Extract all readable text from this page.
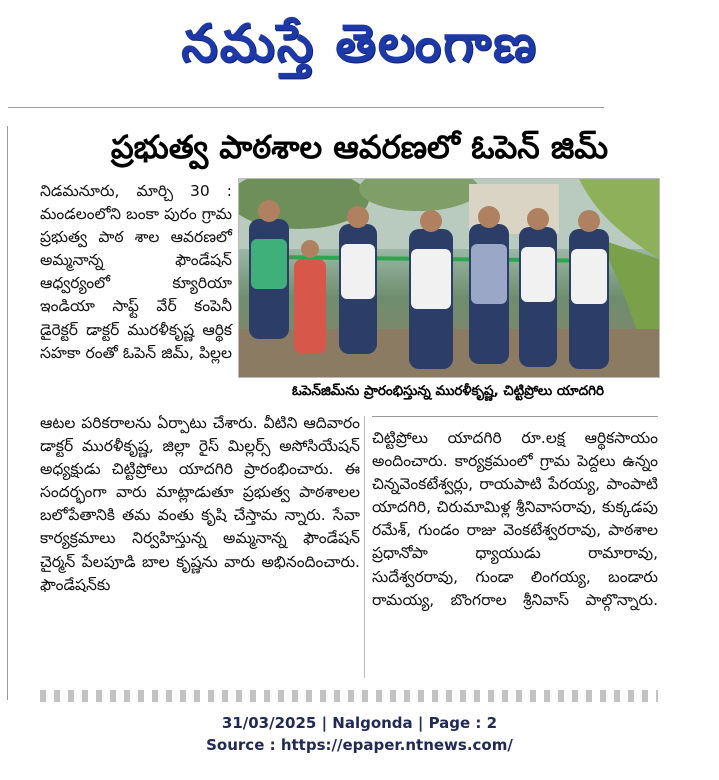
నమస్తే తెలంగాణ
ప్రభుత్వ పాఠశాల ఆవరణలో ఓపెన్ జిమ్

నిడమనూరు, మార్చి 30 : మండలంలోని బంకా పురం గ్రామ ప్రభుత్వ పాఠ శాల ఆవరణలో అమ్మనాన్న ఫౌండేషన్ ఆధ్వర్యంలో క్యూరియా ఇండియా సాఫ్ట్ వేర్ కంపెనీ డైరెక్టర్ డాక్టర్ మురళీకృష్ణ ఆర్థిక సహకా రంతో ఓపెన్ జిమ్, పిల్లల

ఓపెన్‌జిమ్‌ను ప్రారంభిస్తున్న మురళీకృష్ణ, చిట్టిప్రోలు యాదగిరి

ఆటల పరికరాలను ఏర్పాటు చేశారు. వీటిని ఆదివారం డాక్టర్ మురళీకృష్ణ, జిల్లా రైస్ మిల్లర్స్ అసోసియేషన్ అధ్యక్షుడు చిట్టిప్రోలు యాదగిరి ప్రారంభించారు. ఈ సందర్భంగా వారు మాట్లాడుతూ ప్రభుత్వ పాఠశాలల బలోపేతానికి తమ వంతు కృషి చేస్తామ న్నారు. సేవా కార్యక్రమాలు నిర్వహిస్తున్న అమ్మనాన్న ఫౌండేషన్ చైర్మన్ పేలపూడి బాల కృష్ణను వారు అభినందించారు. ఫౌండేషన్‌కు

చిట్టిప్రోలు యాదగిరి రూ.లక్ష ఆర్థికసాయం అందించారు. కార్యక్రమంలో గ్రామ పెద్దలు ఉన్నం చిన్నవెంకటేశ్వర్లు, రాయపాటి పేరయ్య, పాంపాటి యాదగిరి, చిరుమామిళ్ల శ్రీనివాసరావు, కుక్కడపు రమేశ్, గుండం రాజు వెంకటేశ్వరరావు, పాఠశాల ప్రధానోపా ధ్యాయుడు రామారావు, సుదేశ్వరరావు, గుండా లింగయ్య, బండారు రామయ్య, బొంగరాల శ్రీనివాస్ పాల్గొన్నారు.

31/03/2025 | Nalgonda | Page : 2
Source : https://epaper.ntnews.com/
